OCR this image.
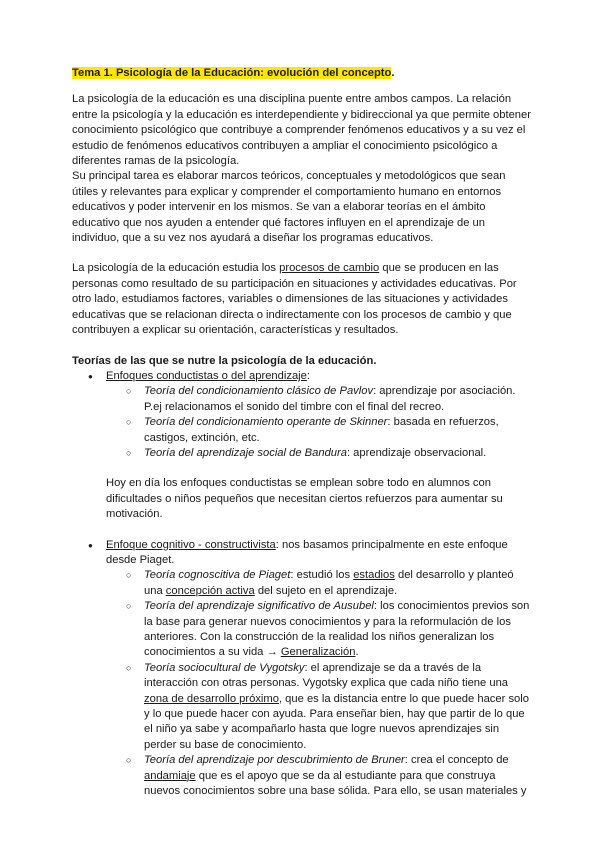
Tema 1. Psicología de la Educación: evolución del concepto.

La psicología de la educación es una disciplina puente entre ambos campos. La relación entre la psicología y la educación es interdependiente y bidireccional ya que permite obtener conocimiento psicológico que contribuye a comprender fenómenos educativos y a su vez el estudio de fenómenos educativos contribuyen a ampliar el conocimiento psicológico a diferentes ramas de la psicología.

Su principal tarea es elaborar marcos teóricos, conceptuales y metodológicos que sean útiles y relevantes para explicar y comprender el comportamiento humano en entornos educativos y poder intervenir en los mismos. Se van a elaborar teorías en el ámbito educativo que nos ayuden a entender qué factores influyen en el aprendizaje de un individuo, que a su vez nos ayudará a diseñar los programas educativos.

La psicología de la educación estudia los procesos de cambio que se producen en las personas como resultado de su participación en situaciones y actividades educativas. Por otro lado, estudiamos factores, variables o dimensiones de las situaciones y actividades educativas que se relacionan directa o indirectamente con los procesos de cambio y que contribuyen a explicar su orientación, características y resultados.

Teorías de las que se nutre la psicología de la educación.

● Enfoques conductistas o del aprendizaje:
○ Teoría del condicionamiento clásico de Pavlov: aprendizaje por asociación. P.ej relacionamos el sonido del timbre con el final del recreo.
○ Teoría del condicionamiento operante de Skinner: basada en refuerzos, castigos, extinción, etc.
○ Teoría del aprendizaje social de Bandura: aprendizaje observacional.

Hoy en día los enfoques conductistas se emplean sobre todo en alumnos con dificultades o niños pequeños que necesitan ciertos refuerzos para aumentar su motivación.

● Enfoque cognitivo - constructivista: nos basamos principalmente en este enfoque desde Piaget.
○ Teoría cognoscitiva de Piaget: estudió los estadios del desarrollo y planteó una concepción activa del sujeto en el aprendizaje.
○ Teoría del aprendizaje significativo de Ausubel: los conocimientos previos son la base para generar nuevos conocimientos y para la reformulación de los anteriores. Con la construcción de la realidad los niños generalizan los conocimientos a su vida → Generalización.
○ Teoría sociocultural de Vygotsky: el aprendizaje se da a través de la interacción con otras personas. Vygotsky explica que cada niño tiene una zona de desarrollo próximo, que es la distancia entre lo que puede hacer solo y lo que puede hacer con ayuda. Para enseñar bien, hay que partir de lo que el niño ya sabe y acompañarlo hasta que logre nuevos aprendizajes sin perder su base de conocimiento.
○ Teoría del aprendizaje por descubrimiento de Bruner: crea el concepto de andamiaje que es el apoyo que se da al estudiante para que construya nuevos conocimientos sobre una base sólida. Para ello, se usan materiales y
